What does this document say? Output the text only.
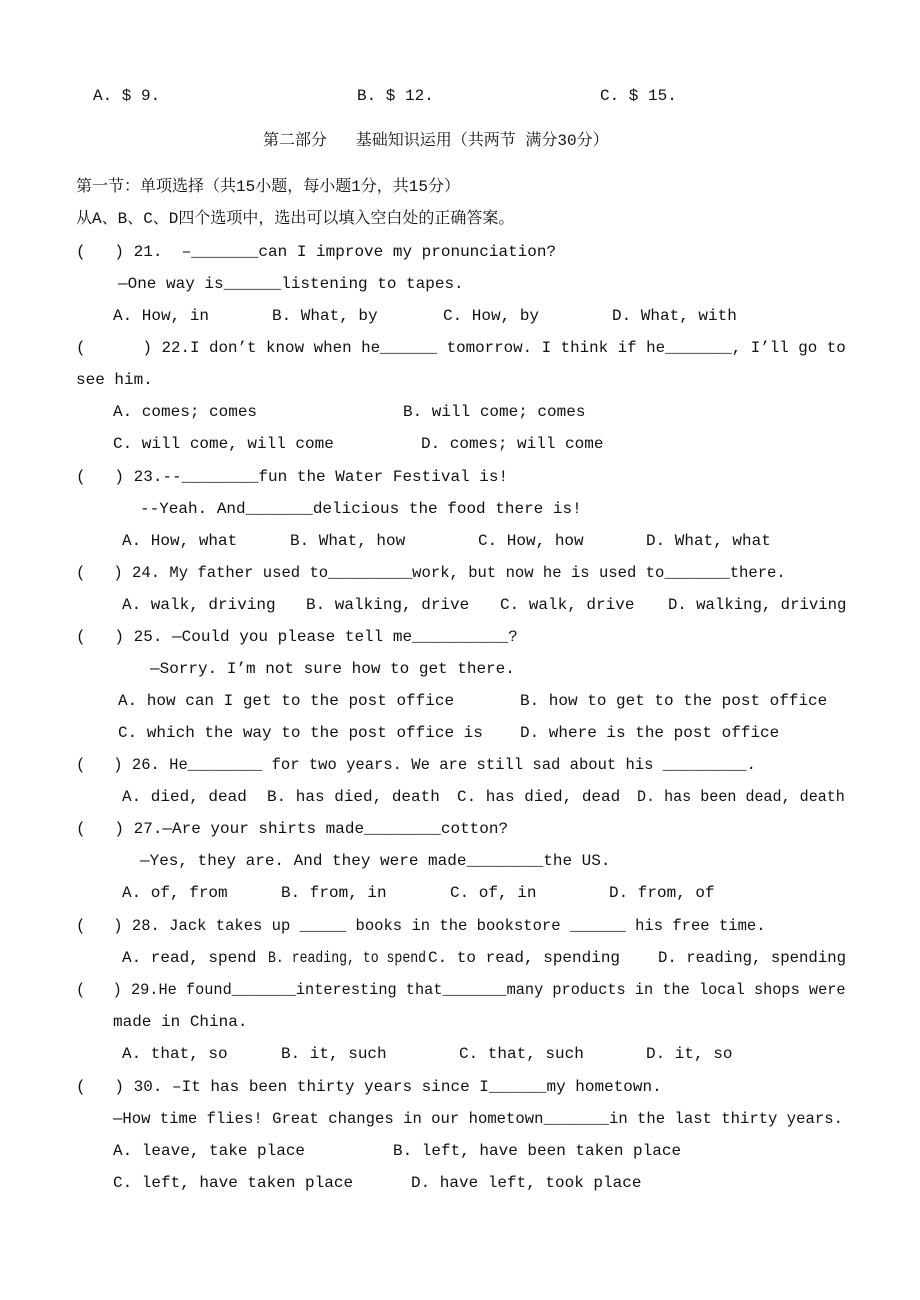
A. $ 9.	B. $ 12.	C. $ 15.
第二部分   基础知识运用（共两节 满分30分）
第一节：单项选择（共15小题，每小题1分，共15分）
从A、B、C、D四个选项中，选出可以填入空白处的正确答案。
(   ) 21.  –_______can I improve my pronunciation?
—One way is______listening to tapes.
A. How, in	B. What, by	C. How, by	D. What, with
(      ) 22.I don’t know when he______ tomorrow. I think if he_______, I’ll go to
see him.
A. comes; comes	B. will come; comes
C. will come, will come	D. comes; will come
(   ) 23.--________fun the Water Festival is!
--Yeah. And_______delicious the food there is!
A. How, what	B. What, how	C. How, how	D. What, what
(   ) 24. My father used to_________work, but now he is used to_______there.
A. walk, driving B. walking, drive C. walk, drive D. walking, driving
(   ) 25. —Could you please tell me__________?
—Sorry. I’m not sure how to get there.
A. how can I get to the post office	B. how to get to the post office
C. which the way to the post office is D. where is the post office
(   ) 26. He________ for two years. We are still sad about his _________.
A. died, dead B. has died, death C. has died, dead D. has been dead, death
(   ) 27.—Are your shirts made________cotton?
—Yes, they are. And they were made________the US.
A. of, from	B. from, in	C. of, in	D. from, of
(   ) 28. Jack takes up _____ books in the bookstore ______ his free time.
A. read, spend B. reading, to spend C. to read, spending D. reading, spending
(   ) 29.He found_______interesting that_______many products in the local shops were
made in China.
A. that, so	B. it, such	C. that, such	D. it, so
(   ) 30. –It has been thirty years since I______my hometown.
—How time flies! Great changes in our hometown_______in the last thirty years.
A. leave, take place	B. left, have been taken place
C. left, have taken place	D. have left, took place
